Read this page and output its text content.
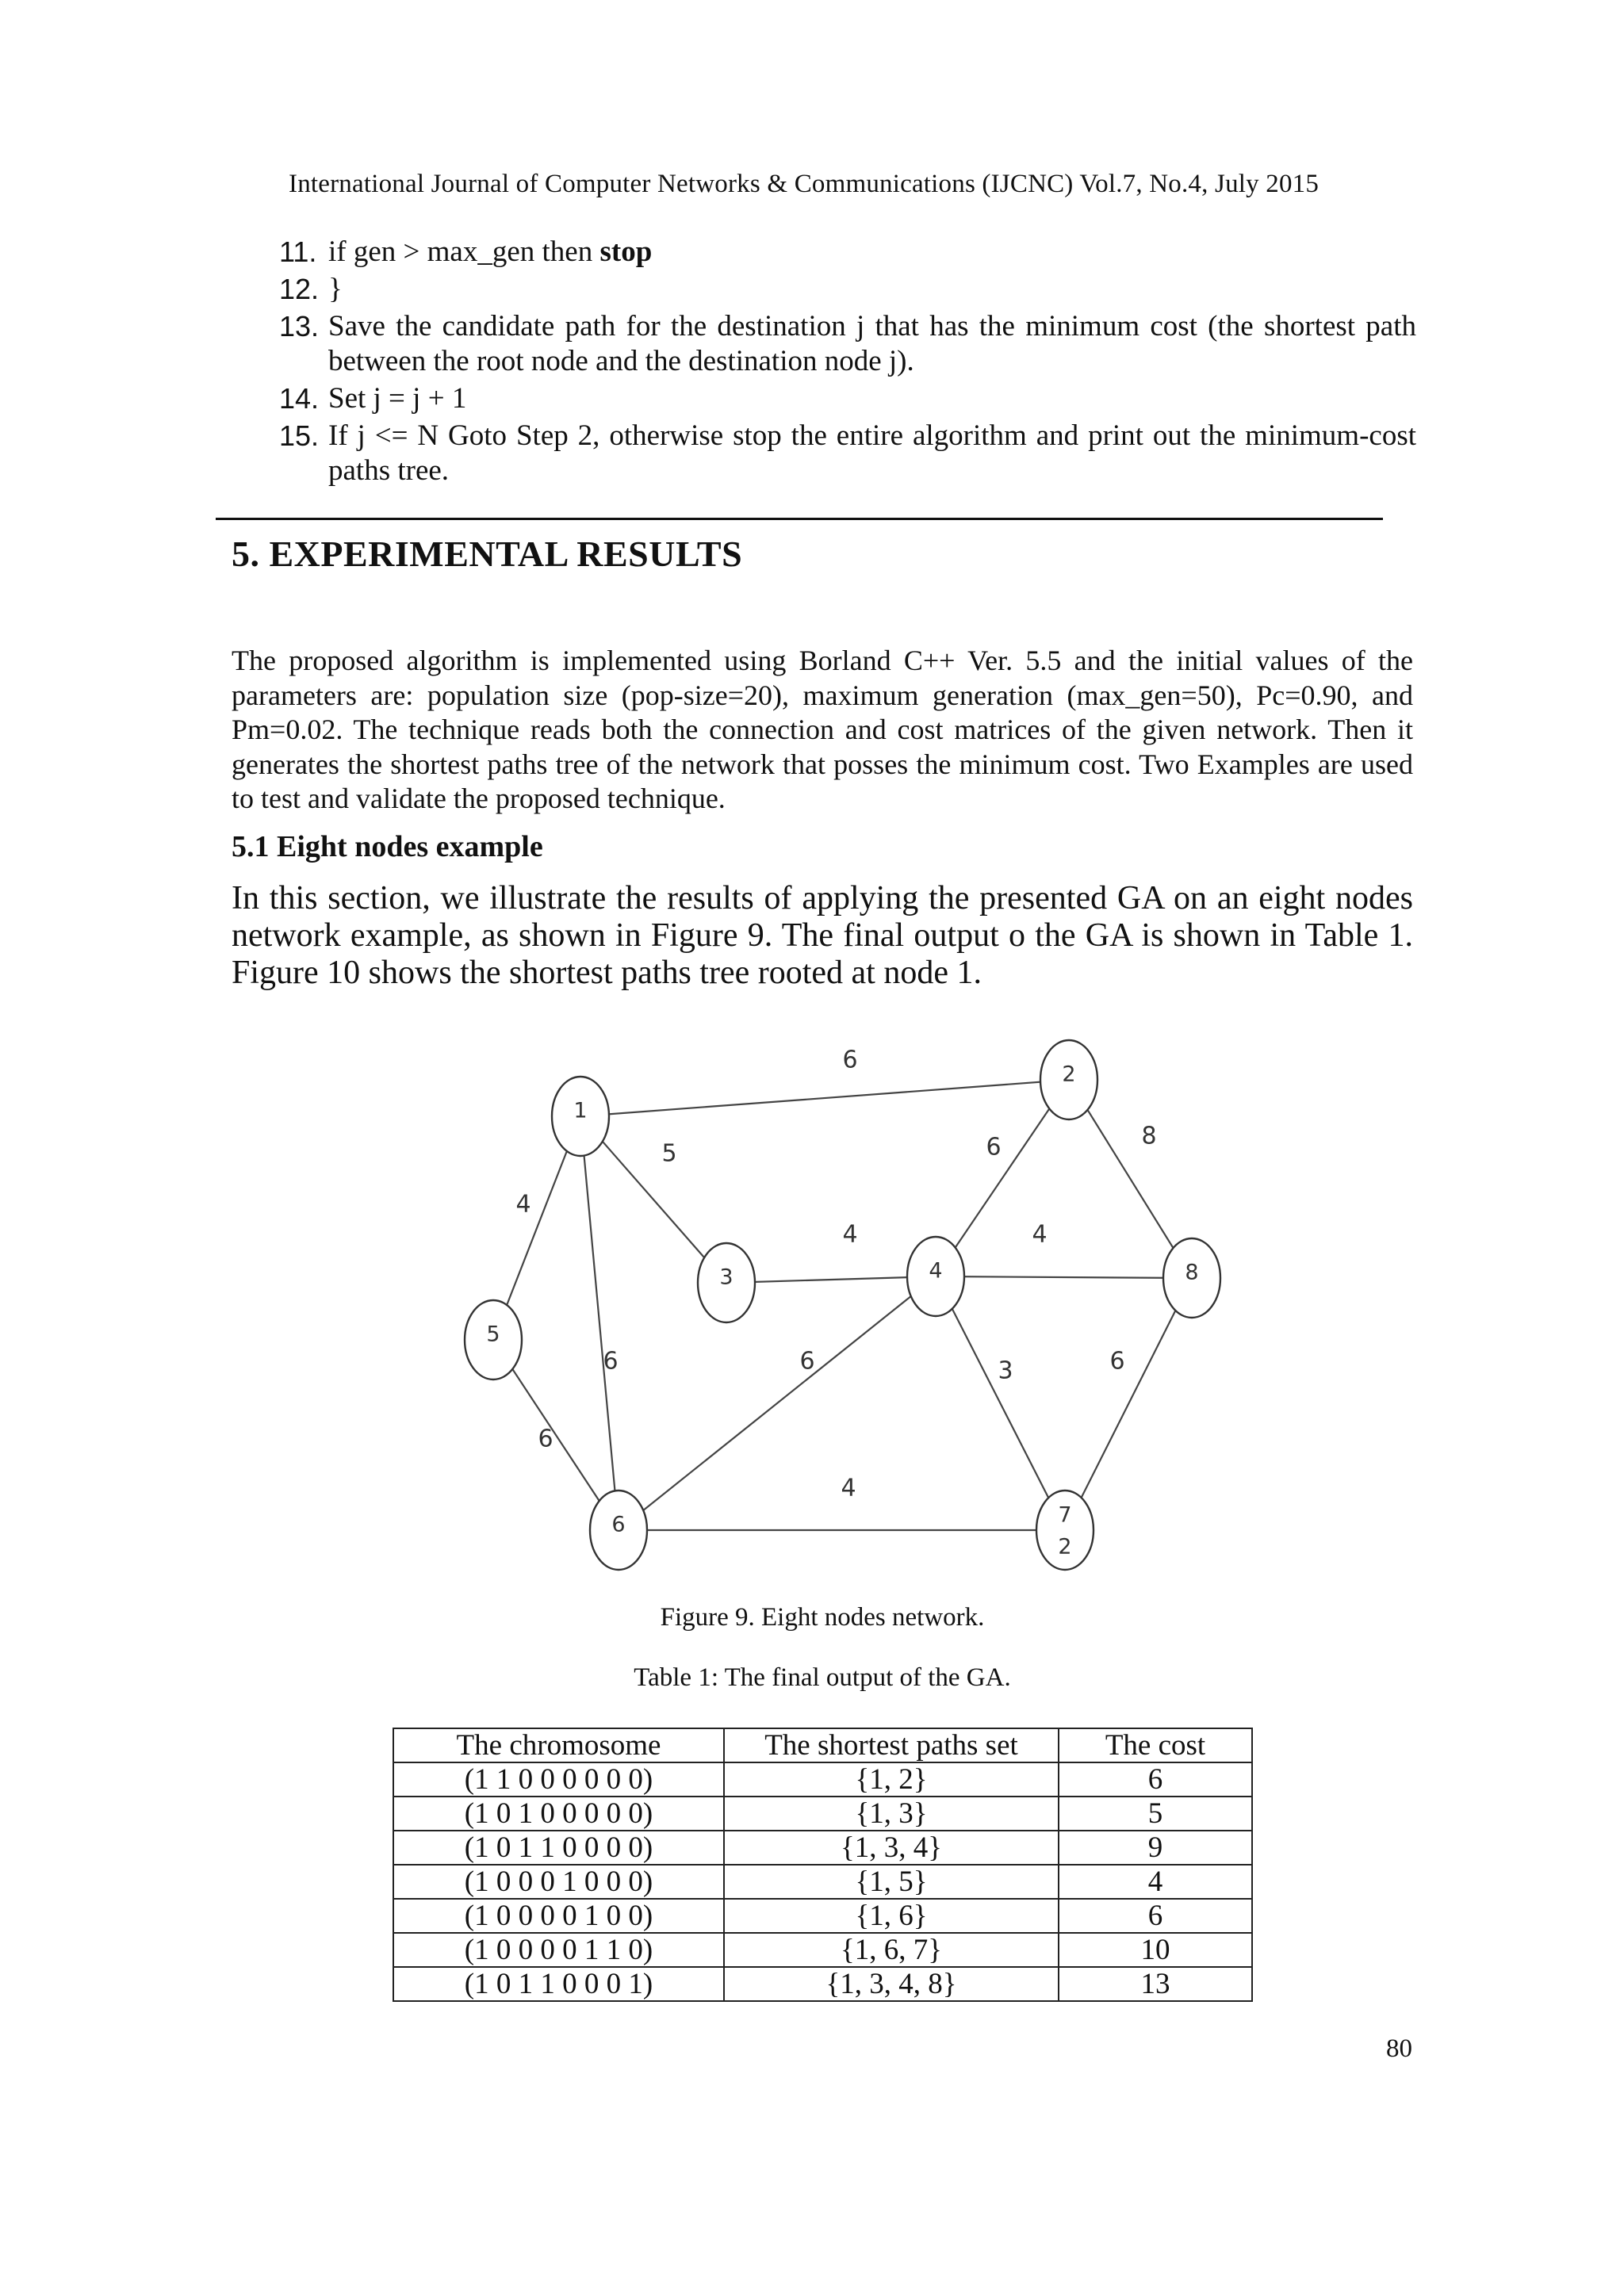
International Journal of Computer Networks & Communications (IJCNC) Vol.7, No.4, July 2015
11. if gen > max_gen then stop
12. }
13. Save the candidate path for the destination j that has the minimum cost (the shortest path between the root node and the destination node j).
14. Set j = j + 1
15. If j <= N Goto Step 2, otherwise stop the entire algorithm and print out the minimum-cost paths tree.
5. EXPERIMENTAL RESULTS
The proposed algorithm is implemented using Borland C++ Ver. 5.5 and the initial values of the parameters are: population size (pop-size=20), maximum generation (max_gen=50), Pc=0.90, and Pm=0.02. The technique reads both the connection and cost matrices of the given network. Then it generates the shortest paths tree of the network that posses the minimum cost. Two Examples are used to test and validate the proposed technique.
5.1 Eight nodes example
In this section, we illustrate the results of applying the presented GA on an eight nodes network example, as shown in Figure 9. The final output o the GA is shown in Table 1. Figure 10 shows the shortest paths tree rooted at node 1.
6
5
4
6
6
4
6	8
4
6	3	6
4
1
2
3	4
5
6	7
2
8
Figure 9. Eight nodes network.
Table 1: The final output of the GA.
The chromosome	The shortest paths set	The cost
(1 1 0 0 0 0 0 0)	{1, 2}	6
(1 0 1 0 0 0 0 0)	{1, 3}	5
(1 0 1 1 0 0 0 0)	{1, 3, 4}	9
(1 0 0 0 1 0 0 0)	{1, 5}	4
(1 0 0 0 0 1 0 0)	{1, 6}	6
(1 0 0 0 0 1 1 0)	{1, 6, 7}	10
(1 0 1 1 0 0 0 1)	{1, 3, 4, 8}	13
80
